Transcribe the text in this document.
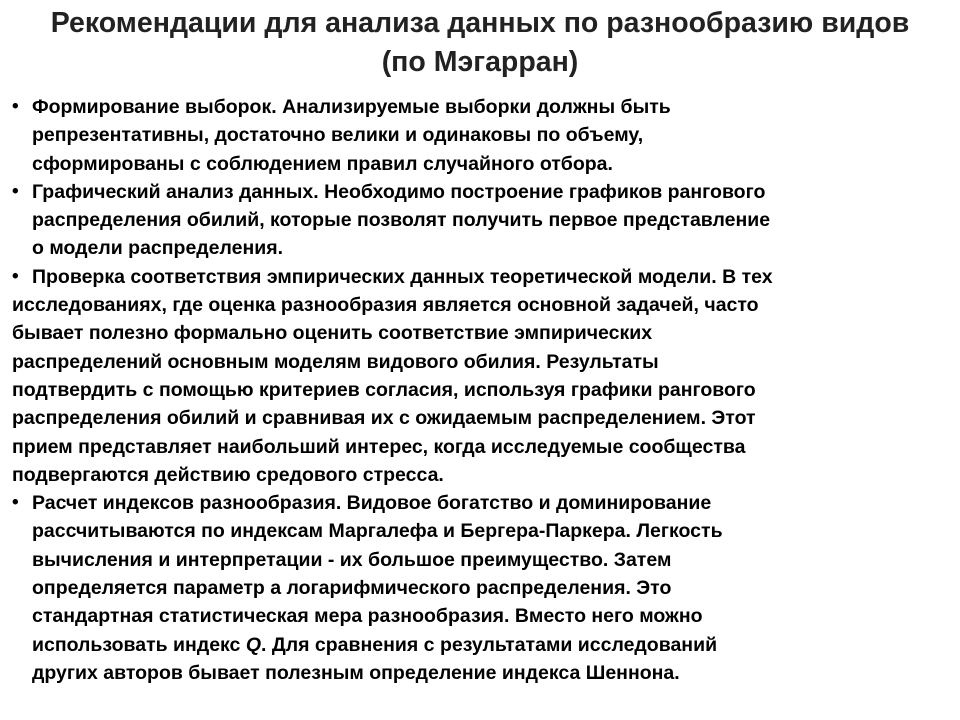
Рекомендации для анализа данных по разнообразию видов
(по Мэгарран)
• Формирование выборок. Анализируемые выборки должны быть
репрезентативны, достаточно велики и одинаковы по объему,
сформированы с соблюдением правил случайного отбора.
• Графический анализ данных. Необходимо построение графиков рангового
распределения обилий, которые позволят получить первое представление
о модели распределения.
• Проверка соответствия эмпирических данных теоретической модели. В тех
исследованиях, где оценка разнообразия является основной задачей, часто
бывает полезно формально оценить соответствие эмпирических
распределений основным моделям видового обилия. Результаты
подтвердить с помощью критериев согласия, используя графики рангового
распределения обилий и сравнивая их с ожидаемым распределением. Этот
прием представляет наибольший интерес, когда исследуемые сообщества
подвергаются действию средового стресса.
• Расчет индексов разнообразия. Видовое богатство и доминирование
рассчитываются по индексам Маргалефа и Бергера-Паркера. Легкость
вычисления и интерпретации - их большое преимущество. Затем
определяется параметр a логарифмического распределения. Это
стандартная статистическая мера разнообразия. Вместо него можно
использовать индекс Q. Для сравнения с результатами исследований
других авторов бывает полезным определение индекса Шеннона.
